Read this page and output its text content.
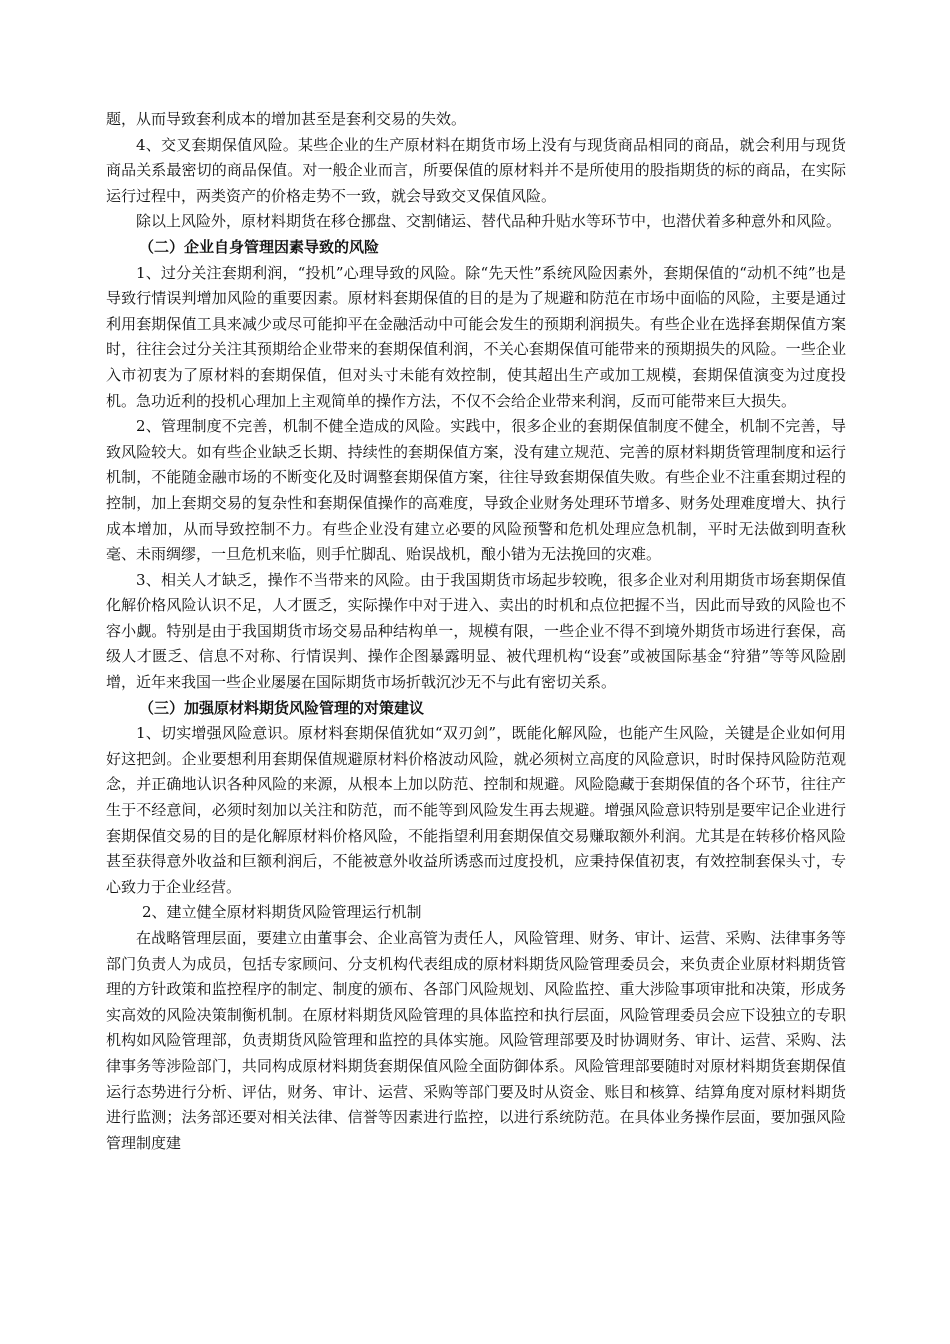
题，从而导致套利成本的增加甚至是套利交易的失效。

4、交叉套期保值风险。某些企业的生产原材料在期货市场上没有与现货商品相同的商品，就会利用与现货商品关系最密切的商品保值。对一般企业而言，所要保值的原材料并不是所使用的股指期货的标的商品，在实际运行过程中，两类资产的价格走势不一致，就会导致交叉保值风险。

除以上风险外，原材料期货在移仓挪盘、交割储运、替代品种升贴水等环节中，也潜伏着多种意外和风险。

（二）企业自身管理因素导致的风险

1、过分关注套期利润，“投机”心理导致的风险。除“先天性”系统风险因素外，套期保值的“动机不纯”也是导致行情误判增加风险的重要因素。原材料套期保值的目的是为了规避和防范在市场中面临的风险，主要是通过利用套期保值工具来减少或尽可能抑平在金融活动中可能会发生的预期利润损失。有些企业在选择套期保值方案时，往往会过分关注其预期给企业带来的套期保值利润，不关心套期保值可能带来的预期损失的风险。一些企业入市初衷为了原材料的套期保值，但对头寸未能有效控制，使其超出生产或加工规模，套期保值演变为过度投机。急功近利的投机心理加上主观简单的操作方法，不仅不会给企业带来利润，反而可能带来巨大损失。

2、管理制度不完善，机制不健全造成的风险。实践中，很多企业的套期保值制度不健全，机制不完善，导致风险较大。如有些企业缺乏长期、持续性的套期保值方案，没有建立规范、完善的原材料期货管理制度和运行机制，不能随金融市场的不断变化及时调整套期保值方案，往往导致套期保值失败。有些企业不注重套期过程的控制，加上套期交易的复杂性和套期保值操作的高难度，导致企业财务处理环节增多、财务处理难度增大、执行成本增加，从而导致控制不力。有些企业没有建立必要的风险预警和危机处理应急机制，平时无法做到明查秋毫、未雨绸缪，一旦危机来临，则手忙脚乱、贻误战机，酿小错为无法挽回的灾难。

3、相关人才缺乏，操作不当带来的风险。由于我国期货市场起步较晚，很多企业对利用期货市场套期保值化解价格风险认识不足，人才匮乏，实际操作中对于进入、卖出的时机和点位把握不当，因此而导致的风险也不容小觑。特别是由于我国期货市场交易品种结构单一，规模有限，一些企业不得不到境外期货市场进行套保，高级人才匮乏、信息不对称、行情误判、操作企图暴露明显、被代理机构“设套”或被国际基金“狩猎”等等风险剧增，近年来我国一些企业屡屡在国际期货市场折戟沉沙无不与此有密切关系。

（三）加强原材料期货风险管理的对策建议

1、切实增强风险意识。原材料套期保值犹如“双刃剑”，既能化解风险，也能产生风险，关键是企业如何用好这把剑。企业要想利用套期保值规避原材料价格波动风险，就必须树立高度的风险意识，时时保持风险防范观念，并正确地认识各种风险的来源，从根本上加以防范、控制和规避。风险隐藏于套期保值的各个环节，往往产生于不经意间，必须时刻加以关注和防范，而不能等到风险发生再去规避。增强风险意识特别是要牢记企业进行套期保值交易的目的是化解原材料价格风险，不能指望利用套期保值交易赚取额外利润。尤其是在转移价格风险甚至获得意外收益和巨额利润后，不能被意外收益所诱惑而过度投机，应秉持保值初衷，有效控制套保头寸，专心致力于企业经营。

2、建立健全原材料期货风险管理运行机制

在战略管理层面，要建立由董事会、企业高管为责任人，风险管理、财务、审计、运营、采购、法律事务等部门负责人为成员，包括专家顾问、分支机构代表组成的原材料期货风险管理委员会，来负责企业原材料期货管理的方针政策和监控程序的制定、制度的颁布、各部门风险规划、风险监控、重大涉险事项审批和决策，形成务实高效的风险决策制衡机制。在原材料期货风险管理的具体监控和执行层面，风险管理委员会应下设独立的专职机构如风险管理部，负责期货风险管理和监控的具体实施。风险管理部要及时协调财务、审计、运营、采购、法律事务等涉险部门，共同构成原材料期货套期保值风险全面防御体系。风险管理部要随时对原材料期货套期保值运行态势进行分析、评估，财务、审计、运营、采购等部门要及时从资金、账目和核算、结算角度对原材料期货进行监测；法务部还要对相关法律、信誉等因素进行监控，以进行系统防范。在具体业务操作层面，要加强风险管理制度建
